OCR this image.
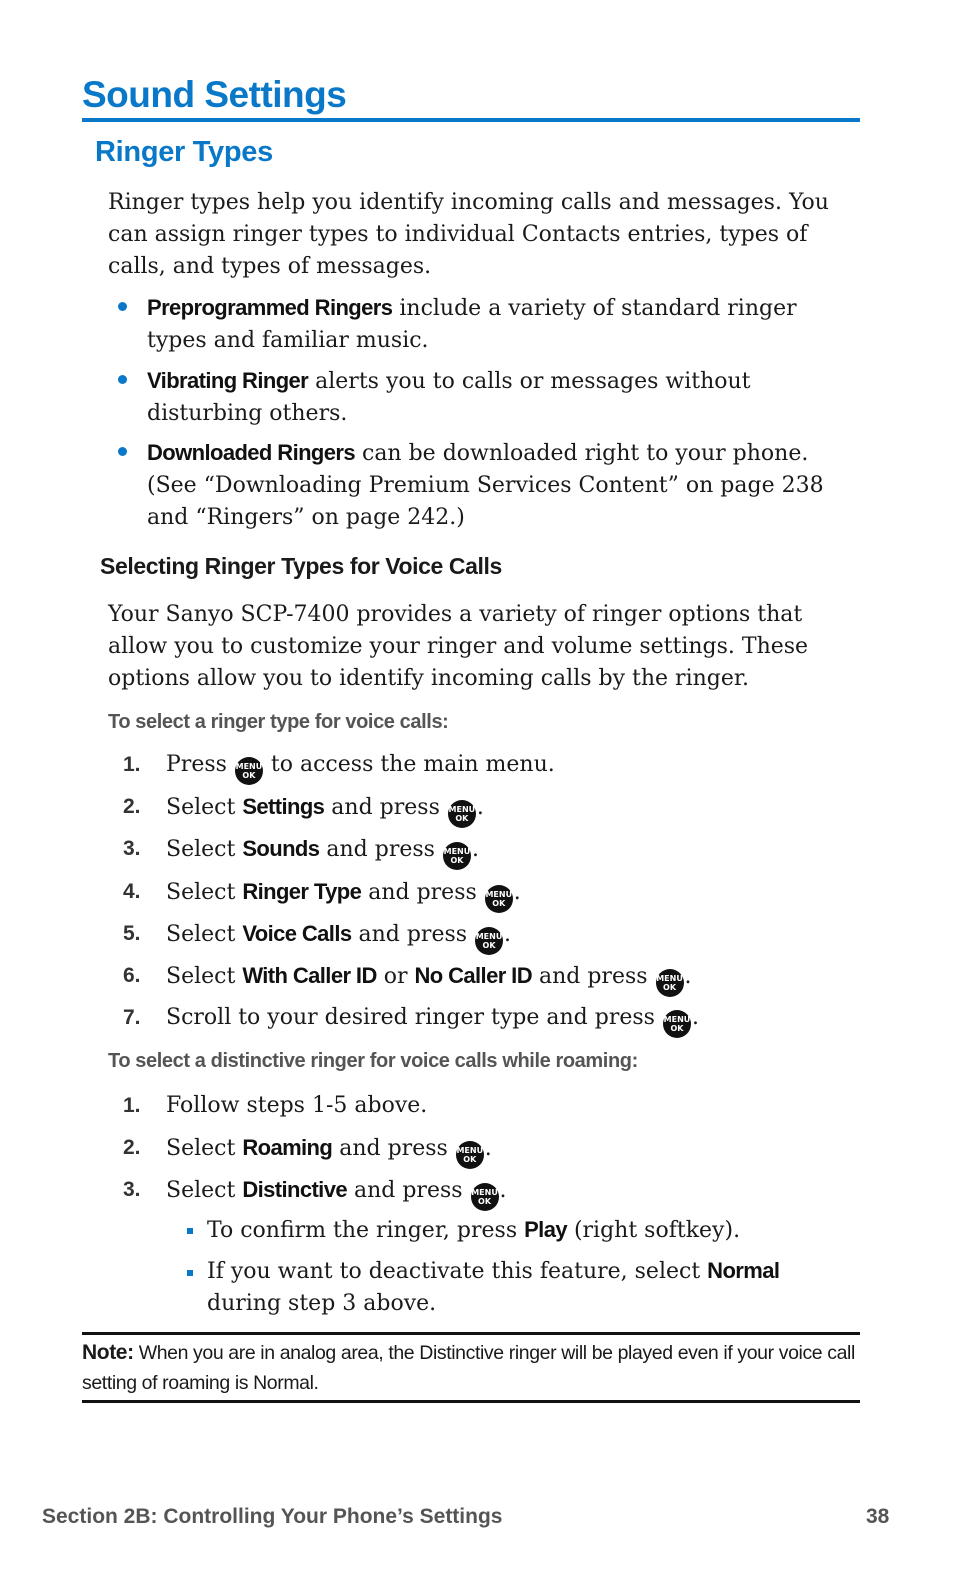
Sound Settings
Ringer Types
Ringer types help you identify incoming calls and messages. You can assign ringer types to individual Contacts entries, types of calls, and types of messages.
Preprogrammed Ringers include a variety of standard ringer types and familiar music.
Vibrating Ringer alerts you to calls or messages without disturbing others.
Downloaded Ringers can be downloaded right to your phone. (See “Downloading Premium Services Content” on page 238 and “Ringers” on page 242.)
Selecting Ringer Types for Voice Calls
Your Sanyo SCP-7400 provides a variety of ringer options that allow you to customize your ringer and volume settings. These options allow you to identify incoming calls by the ringer.
To select a ringer type for voice calls:
1. Press MENU
OK to access the main menu.
2. Select Settings and press MENU
OK .
3. Select Sounds and press MENU
OK .
4. Select Ringer Type and press MENU
OK .
5. Select Voice Calls and press MENU
OK .
6. Select With Caller ID or No Caller ID and press MENU
OK .
7. Scroll to your desired ringer type and press MENU
OK .
To select a distinctive ringer for voice calls while roaming:
1. Follow steps 1-5 above.
2. Select Roaming and press MENU
OK .
3. Select Distinctive and press MENU
OK .
To confirm the ringer, press Play (right softkey).
If you want to deactivate this feature, select Normal during step 3 above.
Note: When you are in analog area, the Distinctive ringer will be played even if your voice call setting of roaming is Normal.
Section 2B: Controlling Your Phone’s Settings	38
